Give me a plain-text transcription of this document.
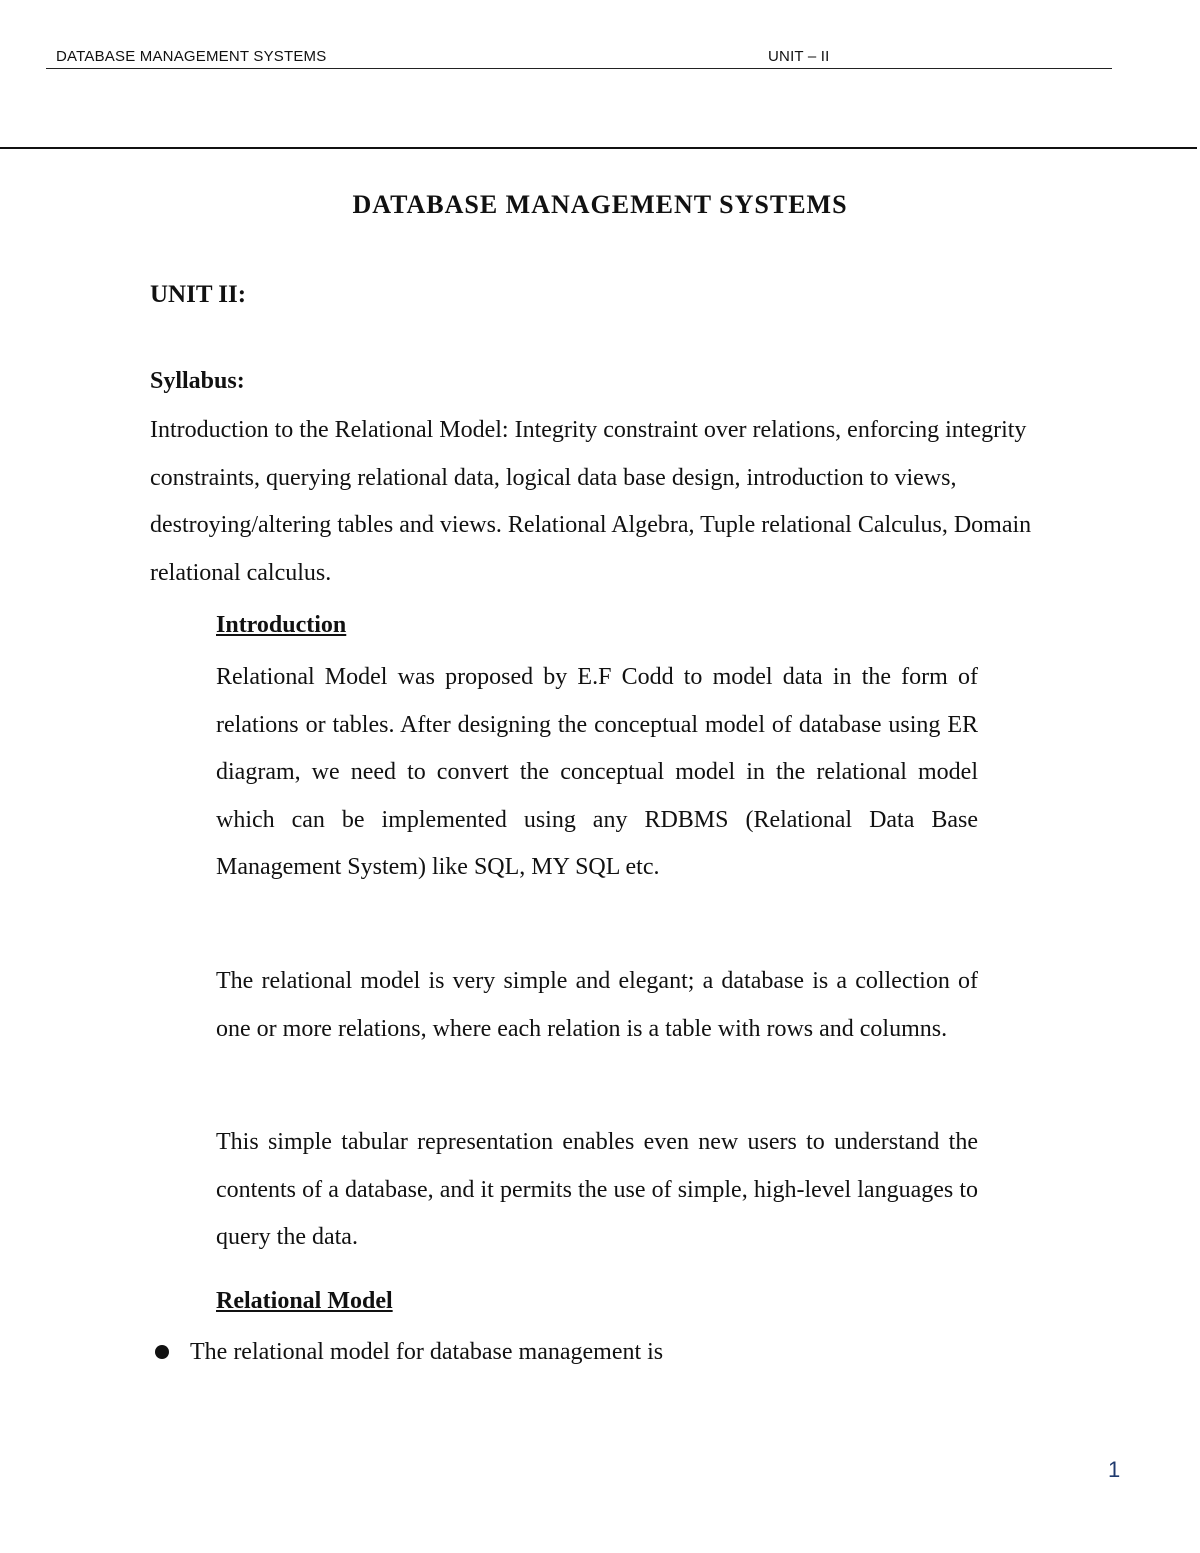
DATABASE MANAGEMENT SYSTEMS	UNIT – II
DATABASE MANAGEMENT SYSTEMS
UNIT II:
Syllabus:
Introduction to the Relational Model: Integrity constraint over relations, enforcing integrity constraints, querying relational data, logical data base design, introduction to views, destroying/altering tables and views. Relational Algebra, Tuple relational Calculus, Domain relational calculus.
Introduction
Relational Model was proposed by E.F Codd to model data in the form of relations or tables. After designing the conceptual model of database using ER diagram, we need to convert the conceptual model in the relational model which can be implemented using any RDBMS (Relational Data Base Management System) like SQL, MY SQL etc.
The relational model is very simple and elegant; a database is a collection of one or more relations, where each relation is a table with rows and columns.
This simple tabular representation enables even new users to understand the contents of a database, and it permits the use of simple, high-level languages to query the data.
Relational Model
The relational model for database management is
1
